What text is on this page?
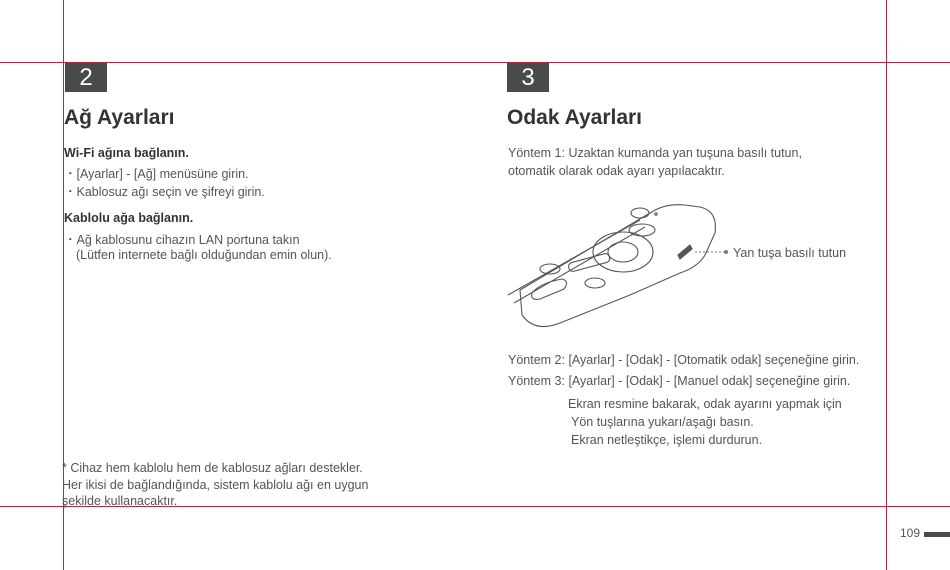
2
Ağ Ayarları
Wi-Fi ağına bağlanın.
・[Ayarlar] - [Ağ] menüsüne girin.
・Kablosuz ağı seçin ve şifreyi girin.
Kablolu ağa bağlanın.
・Ağ kablosunu cihazın LAN portuna takın
(Lütfen internete bağlı olduğundan emin olun).
* Cihaz hem kablolu hem de kablosuz ağları destekler.
Her ikisi de bağlandığında, sistem kablolu ağı en uygun
şekilde kullanacaktır.
3
Odak Ayarları
Yöntem 1: Uzaktan kumanda yan tuşuna basılı tutun,
otomatik olarak odak ayarı yapılacaktır.
Yan tuşa basılı tutun
Yöntem 2: [Ayarlar] - [Odak] - [Otomatik odak] seçeneğine girin.
Yöntem 3: [Ayarlar] - [Odak] - [Manuel odak] seçeneğine girin.
Ekran resmine bakarak, odak ayarını yapmak için
Yön tuşlarına yukarı/aşağı basın.
Ekran netleştikçe, işlemi durdurun.
109
